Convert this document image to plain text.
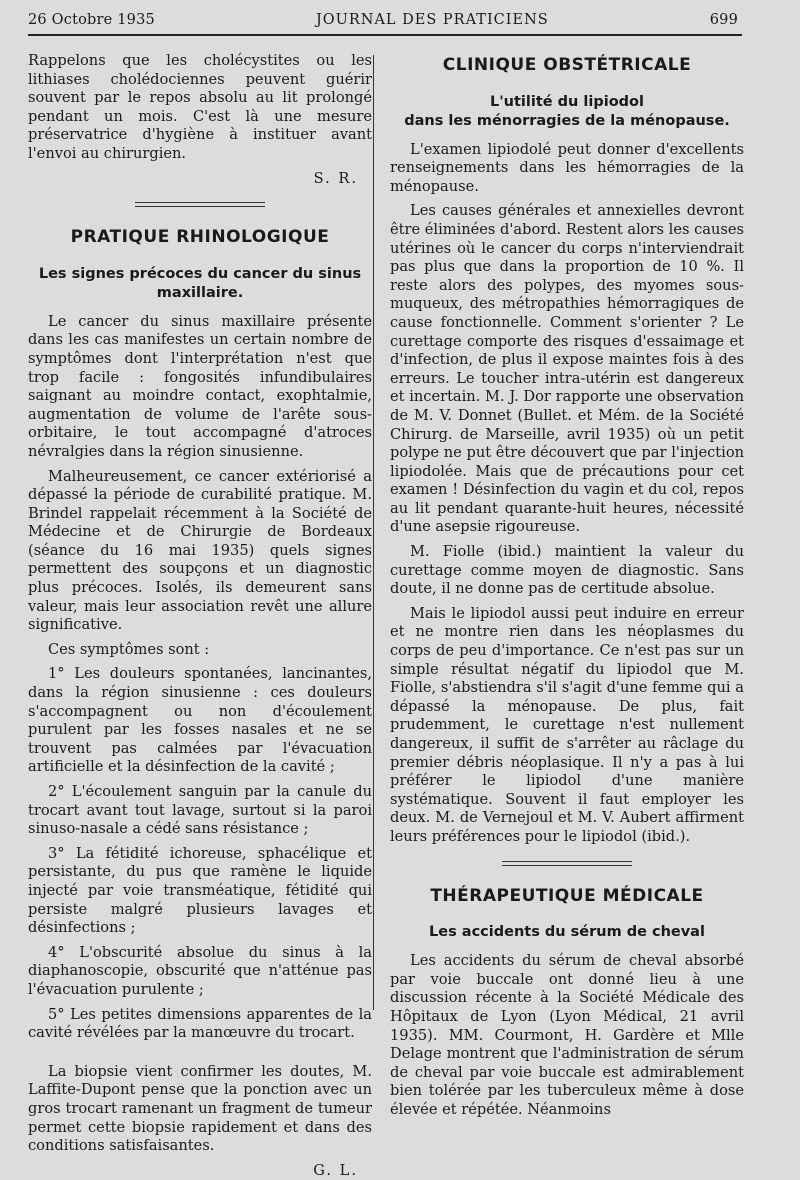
26 Octobre 1935	JOURNAL DES PRATICIENS	699

Rappelons que les cholécystites ou les lithiases cholédociennes peuvent guérir souvent par le repos absolu au lit prolongé pendant un mois. C'est là une mesure préservatrice d'hygiène à instituer avant l'envoi au chirurgien.

S. R.

PRATIQUE RHINOLOGIQUE
Les signes précoces du cancer du sinus
maxillaire.

Le cancer du sinus maxillaire présente dans les cas manifestes un certain nombre de symptômes dont l'interprétation n'est que trop facile : fongosités infundibulaires saignant au moindre contact, exophtalmie, augmentation de volume de l'arête sous-orbitaire, le tout accompagné d'atroces névralgies dans la région sinusienne.

Malheureusement, ce cancer extériorisé a dépassé la période de curabilité pratique. M. Brindel rappelait récemment à la Société de Médecine et de Chirurgie de Bordeaux (séance du 16 mai 1935) quels signes permettent des soupçons et un diagnostic plus précoces. Isolés, ils demeurent sans valeur, mais leur association revêt une allure significative.

Ces symptômes sont :

1° Les douleurs spontanées, lancinantes, dans la région sinusienne : ces douleurs s'accompagnent ou non d'écoulement purulent par les fosses nasales et ne se trouvent pas calmées par l'évacuation artificielle et la désinfection de la cavité ;

2° L'écoulement sanguin par la canule du trocart avant tout lavage, surtout si la paroi sinuso-nasale a cédé sans résistance ;

3° La fétidité ichoreuse, sphacélique et persistante, du pus que ramène le liquide injecté par voie transméatique, fétidité qui persiste malgré plusieurs lavages et désinfections ;

4° L'obscurité absolue du sinus à la diaphanoscopie, obscurité que n'atténue pas l'évacuation purulente ;

5° Les petites dimensions apparentes de la cavité révélées par la manœuvre du trocart.

La biopsie vient confirmer les doutes, M. Laffite-Dupont pense que la ponction avec un gros trocart ramenant un fragment de tumeur permet cette biopsie rapidement et dans des conditions satisfaisantes.

G. L.

CLINIQUE OBSTÉTRICALE
L'utilité du lipiodol
dans les ménorragies de la ménopause.

L'examen lipiodolé peut donner d'excellents renseignements dans les hémorragies de la ménopause.

Les causes générales et annexielles devront être éliminées d'abord. Restent alors les causes utérines où le cancer du corps n'interviendrait pas plus que dans la proportion de 10 %. Il reste alors des polypes, des myomes sous-muqueux, des métropathies hémorragiques de cause fonctionnelle. Comment s'orienter ? Le curettage comporte des risques d'essaimage et d'infection, de plus il expose maintes fois à des erreurs. Le toucher intra-utérin est dangereux et incertain. M. J. Dor rapporte une observation de M. V. Donnet (Bullet. et Mém. de la Société Chirurg. de Marseille, avril 1935) où un petit polype ne put être découvert que par l'injection lipiodolée. Mais que de précautions pour cet examen ! Désinfection du vagin et du col, repos au lit pendant quarante-huit heures, nécessité d'une asepsie rigoureuse.

M. Fiolle (ibid.) maintient la valeur du curettage comme moyen de diagnostic. Sans doute, il ne donne pas de certitude absolue.

Mais le lipiodol aussi peut induire en erreur et ne montre rien dans les néoplasmes du corps de peu d'importance. Ce n'est pas sur un simple résultat négatif du lipiodol que M. Fiolle, s'abstiendra s'il s'agit d'une femme qui a dépassé la ménopause. De plus, fait prudemment, le curettage n'est nullement dangereux, il suffit de s'arrêter au râclage du premier débris néoplasique. Il n'y a pas à lui préférer le lipiodol d'une manière systématique. Souvent il faut employer les deux. M. de Vernejoul et M. V. Aubert affirment leurs préférences pour le lipiodol (ibid.).

THÉRAPEUTIQUE MÉDICALE
Les accidents du sérum de cheval

Les accidents du sérum de cheval absorbé par voie buccale ont donné lieu à une discussion récente à la Société Médicale des Hôpitaux de Lyon (Lyon Médical, 21 avril 1935). MM. Courmont, H. Gardère et Mlle Delage montrent que l'administration de sérum de cheval par voie buccale est admirablement bien tolérée par les tuberculeux même à dose élevée et répétée. Néanmoins
